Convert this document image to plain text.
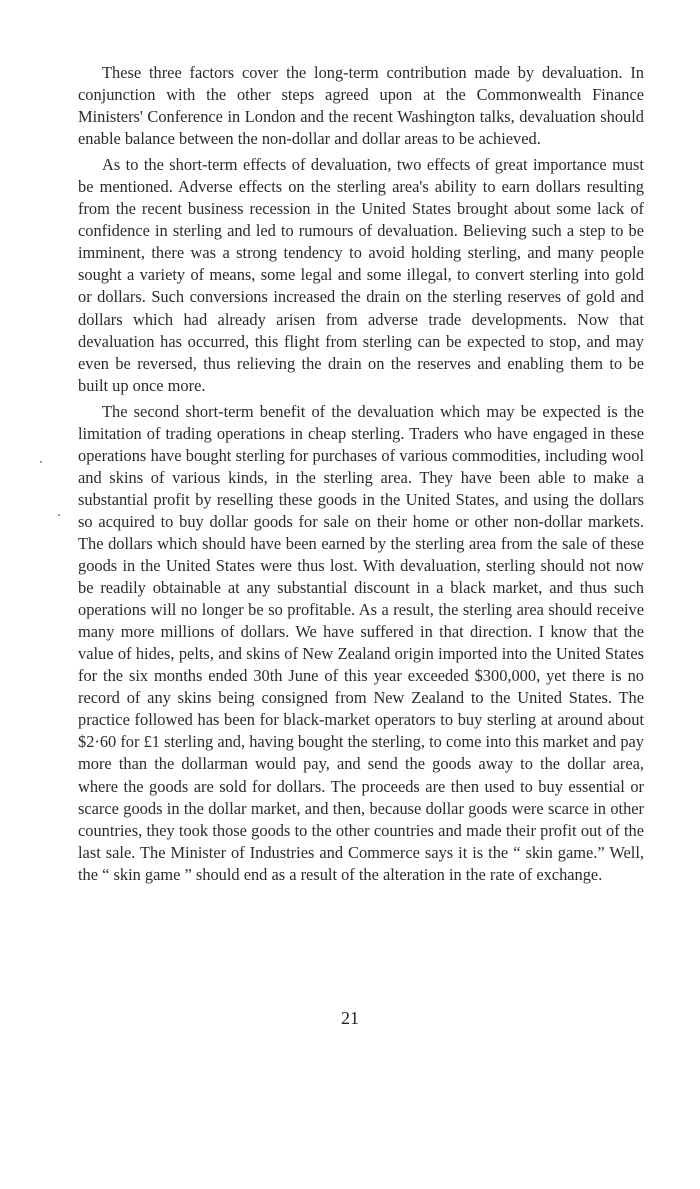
These three factors cover the long-term contribution made by devaluation. In conjunction with the other steps agreed upon at the Commonwealth Finance Ministers' Conference in London and the recent Washington talks, devaluation should enable balance between the non-dollar and dollar areas to be achieved.

As to the short-term effects of devaluation, two effects of great importance must be mentioned. Adverse effects on the sterling area's ability to earn dollars resulting from the recent business recession in the United States brought about some lack of confidence in sterling and led to rumours of devaluation. Believing such a step to be imminent, there was a strong tendency to avoid holding sterling, and many people sought a variety of means, some legal and some illegal, to convert sterling into gold or dollars. Such conversions increased the drain on the sterling reserves of gold and dollars which had already arisen from adverse trade developments. Now that devaluation has occurred, this flight from sterling can be expected to stop, and may even be reversed, thus relieving the drain on the reserves and enabling them to be built up once more.

The second short-term benefit of the devaluation which may be expected is the limitation of trading operations in cheap sterling. Traders who have engaged in these operations have bought sterling for purchases of various commodities, including wool and skins of various kinds, in the sterling area. They have been able to make a substantial profit by reselling these goods in the United States, and using the dollars so acquired to buy dollar goods for sale on their home or other non-dollar markets. The dollars which should have been earned by the sterling area from the sale of these goods in the United States were thus lost. With devaluation, sterling should not now be readily obtainable at any substantial discount in a black market, and thus such operations will no longer be so profitable. As a result, the sterling area should receive many more millions of dollars. We have suffered in that direction. I know that the value of hides, pelts, and skins of New Zealand origin imported into the United States for the six months ended 30th June of this year exceeded $300,000, yet there is no record of any skins being consigned from New Zealand to the United States. The practice followed has been for black-market operators to buy sterling at around about $2·60 for £1 sterling and, having bought the sterling, to come into this market and pay more than the dollarman would pay, and send the goods away to the dollar area, where the goods are sold for dollars. The proceeds are then used to buy essential or scarce goods in the dollar market, and then, because dollar goods were scarce in other countries, they took those goods to the other countries and made their profit out of the last sale. The Minister of Industries and Commerce says it is the “ skin game.” Well, the “ skin game ” should end as a result of the alteration in the rate of exchange.

21
